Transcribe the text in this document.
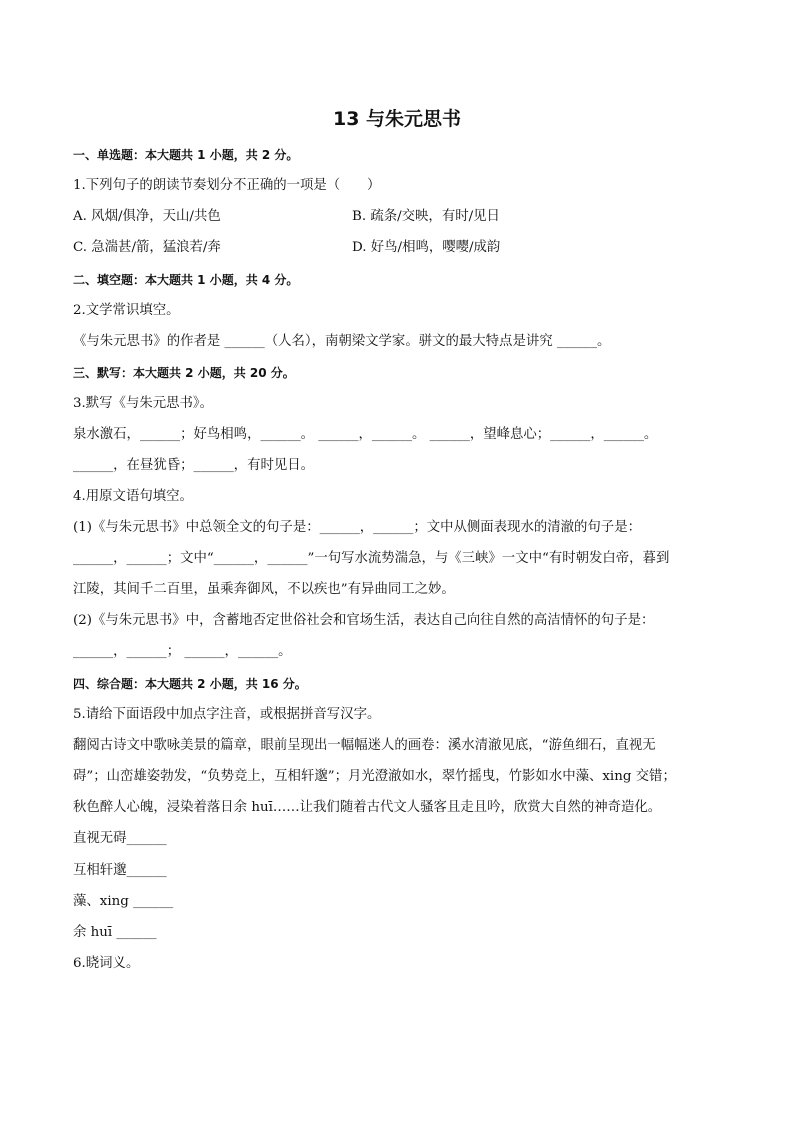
13 与朱元思书
一、单选题：本大题共 1 小题，共 2 分。
1.下列句子的朗读节奏划分不正确的一项是（　　）
A. 风烟/俱净，天山/共色	B. 疏条/交映，有时/见日
C. 急湍甚/箭，猛浪若/奔	D. 好鸟/相鸣，嘤嘤/成韵
二、填空题：本大题共 1 小题，共 4 分。
2.文学常识填空。
《与朱元思书》的作者是 ______（人名），南朝梁文学家。骈文的最大特点是讲究 ______。
三、默写：本大题共 2 小题，共 20 分。
3.默写《与朱元思书》。
泉水激石，______；好鸟相鸣，______。 ______，______。 ______，望峰息心；______，______。
______，在昼犹昏；______，有时见日。
4.用原文语句填空。
(1)《与朱元思书》中总领全文的句子是：______，______；文中从侧面表现水的清澈的句子是：
______，______；文中“______，______”一句写水流势湍急，与《三峡》一文中“有时朝发白帝，暮到
江陵，其间千二百里，虽乘奔御风，不以疾也”有异曲同工之妙。
(2)《与朱元思书》中，含蓄地否定世俗社会和官场生活，表达自己向往自然的高洁情怀的句子是：
______，______； ______，______。
四、综合题：本大题共 2 小题，共 16 分。
5.请给下面语段中加点字注音，或根据拼音写汉字。
翻阅古诗文中歌咏美景的篇章，眼前呈现出一幅幅迷人的画卷：溪水清澈见底，“游鱼细石，直视无
碍”；山峦雄姿勃发，“负势竞上，互相轩邈”；月光澄澈如水，翠竹摇曳，竹影如水中藻、xing 交错；
秋色醉人心魄，浸染着落日余 huī……让我们随着古代文人骚客且走且吟，欣赏大自然的神奇造化。
直视无碍______
互相轩邈______
藻、xing ______
余 huī ______
6.晓词义。
